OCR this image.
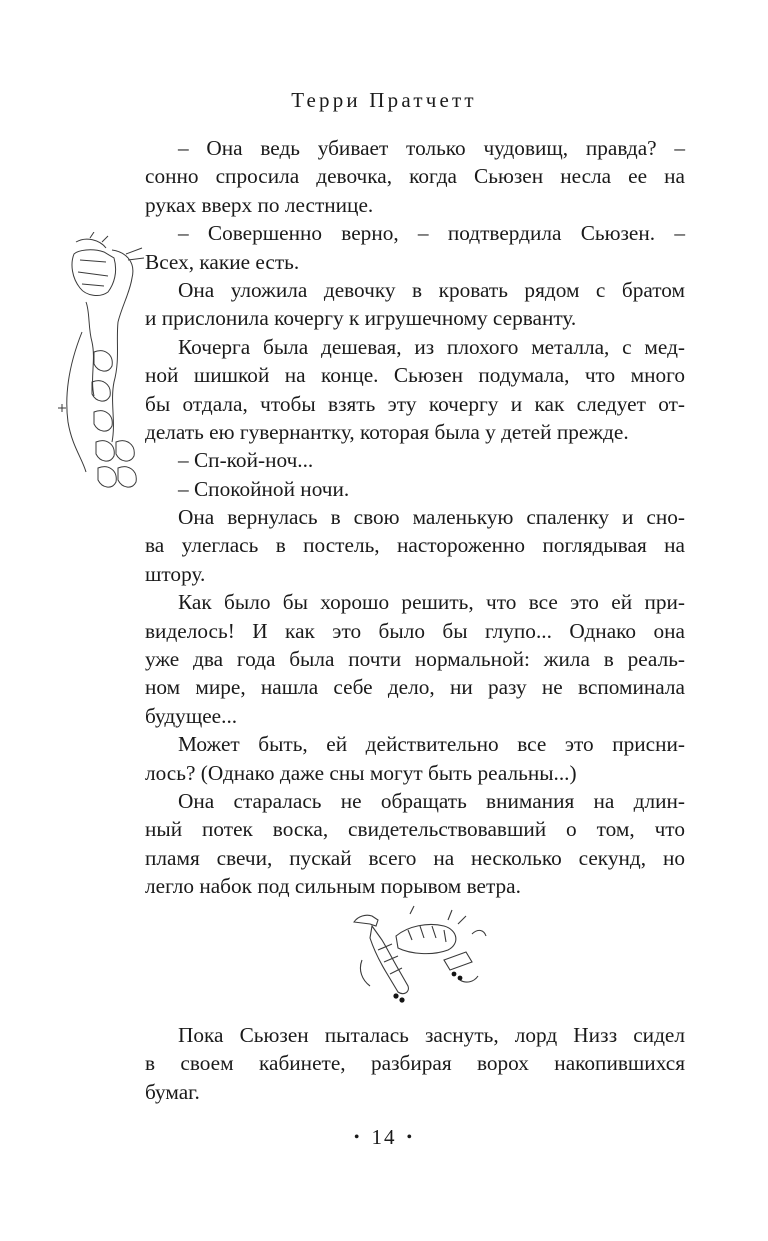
Терри Пратчетт
– Она ведь убивает только чудовищ, правда? –
сонно спросила девочка, когда Сьюзен несла ее на
руках вверх по лестнице.
– Совершенно верно, – подтвердила Сьюзен. –
Всех, какие есть.
Она уложила девочку в кровать рядом с братом
и прислонила кочергу к игрушечному серванту.
Кочерга была дешевая, из плохого металла, с мед-
ной шишкой на конце. Сьюзен подумала, что много
бы отдала, чтобы взять эту кочергу и как следует от-
делать ею гувернантку, которая была у детей прежде.
– Сп-кой-ноч...
– Спокойной ночи.
Она вернулась в свою маленькую спаленку и сно-
ва улеглась в постель, настороженно поглядывая на
штору.
Как было бы хорошо решить, что все это ей при-
виделось! И как это было бы глупо... Однако она
уже два года была почти нормальной: жила в реаль-
ном мире, нашла себе дело, ни разу не вспоминала
будущее...
Может быть, ей действительно все это присни-
лось? (Однако даже сны могут быть реальны...)
Она старалась не обращать внимания на длин-
ный потек воска, свидетельствовавший о том, что
пламя свечи, пускай всего на несколько секунд, но
легло набок под сильным порывом ветра.
Пока Сьюзен пыталась заснуть, лорд Низз сидел
в своем кабинете, разбирая ворох накопившихся
бумаг.
• 14 •
